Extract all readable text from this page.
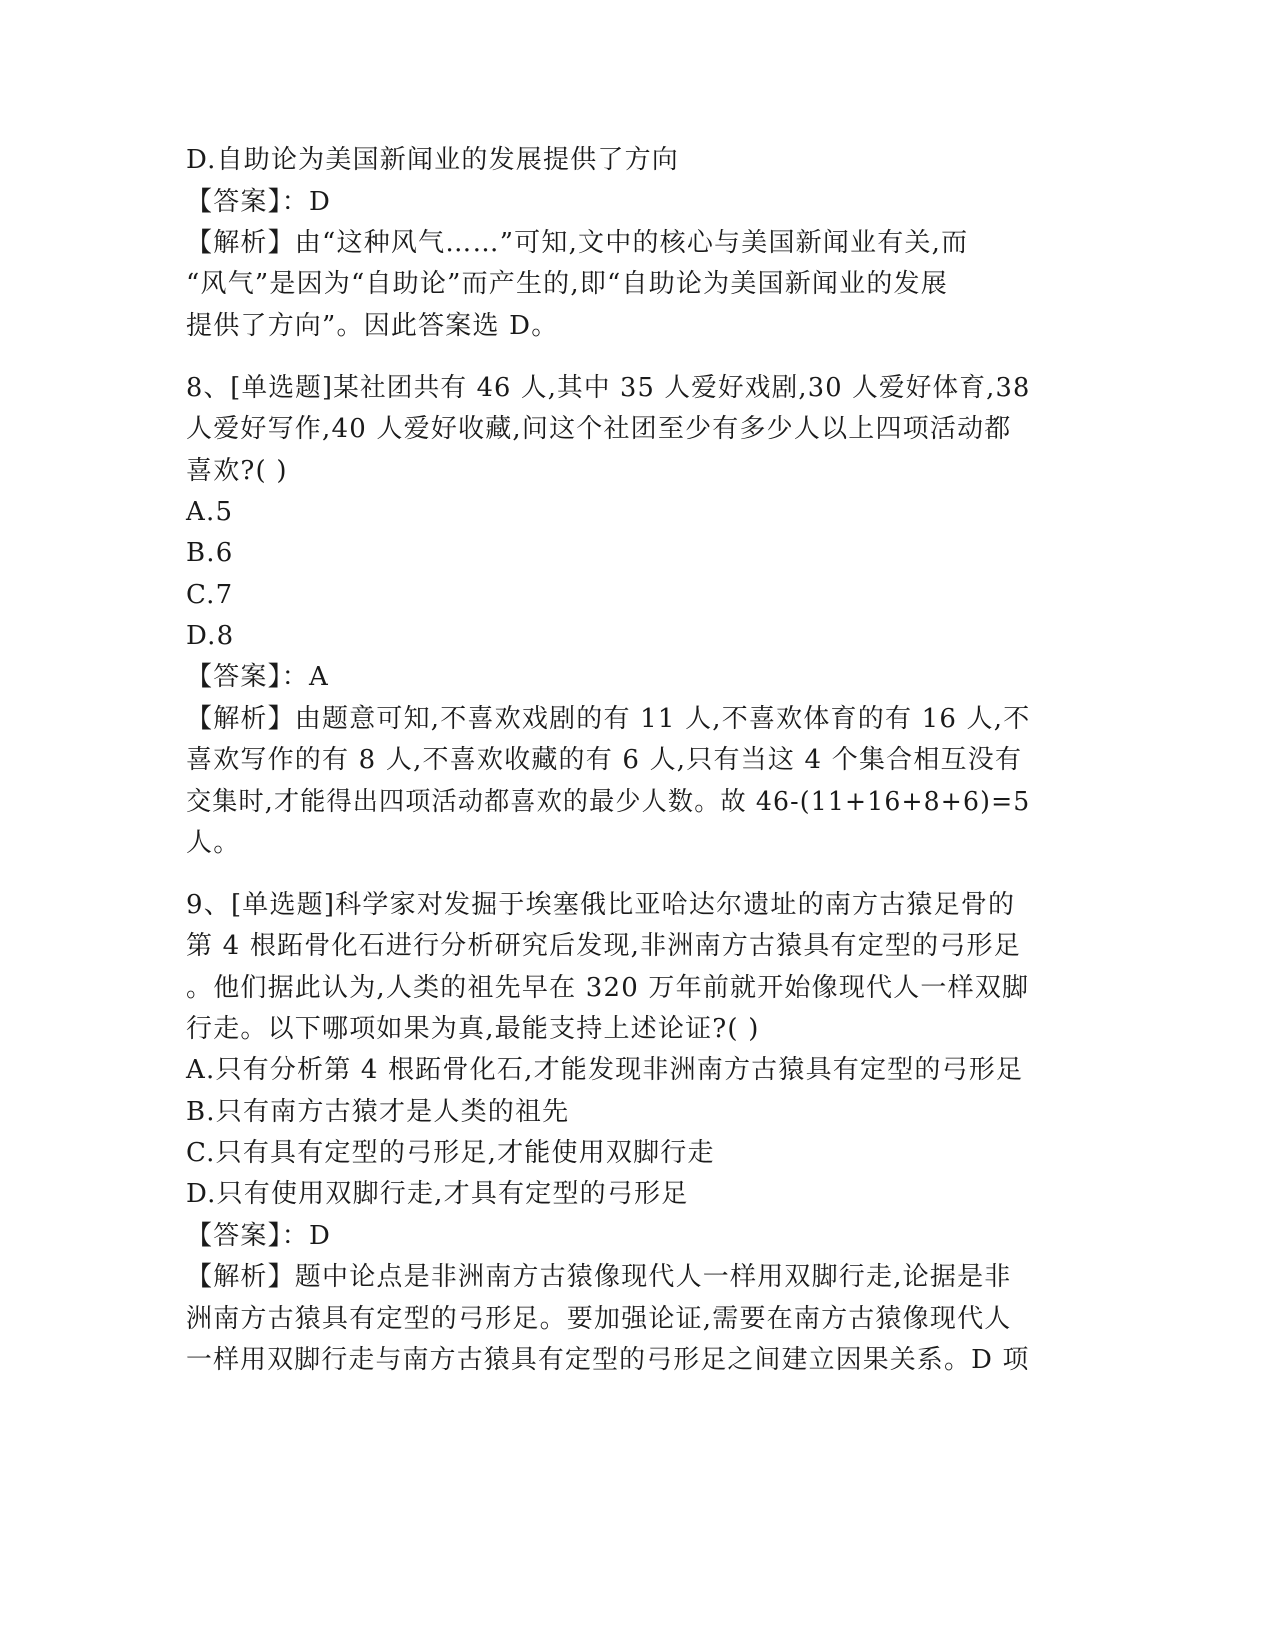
D.自助论为美国新闻业的发展提供了方向
【答案】：D
【解析】由“这种风气……”可知,文中的核心与美国新闻业有关,而
“风气”是因为“自助论”而产生的,即“自助论为美国新闻业的发展
提供了方向”。因此答案选 D。
8、[单选题]某社团共有 46 人,其中 35 人爱好戏剧,30 人爱好体育,38
人爱好写作,40 人爱好收藏,问这个社团至少有多少人以上四项活动都
喜欢?( )
A.5
B.6
C.7
D.8
【答案】：A
【解析】由题意可知,不喜欢戏剧的有 11 人,不喜欢体育的有 16 人,不
喜欢写作的有 8 人,不喜欢收藏的有 6 人,只有当这 4 个集合相互没有
交集时,才能得出四项活动都喜欢的最少人数。故 46-(11+16+8+6)=5
人。
9、[单选题]科学家对发掘于埃塞俄比亚哈达尔遗址的南方古猿足骨的
第 4 根跖骨化石进行分析研究后发现,非洲南方古猿具有定型的弓形足
。他们据此认为,人类的祖先早在 320 万年前就开始像现代人一样双脚
行走。以下哪项如果为真,最能支持上述论证?( )
A.只有分析第 4 根跖骨化石,才能发现非洲南方古猿具有定型的弓形足
B.只有南方古猿才是人类的祖先
C.只有具有定型的弓形足,才能使用双脚行走
D.只有使用双脚行走,才具有定型的弓形足
【答案】：D
【解析】题中论点是非洲南方古猿像现代人一样用双脚行走,论据是非
洲南方古猿具有定型的弓形足。要加强论证,需要在南方古猿像现代人
一样用双脚行走与南方古猿具有定型的弓形足之间建立因果关系。D 项
